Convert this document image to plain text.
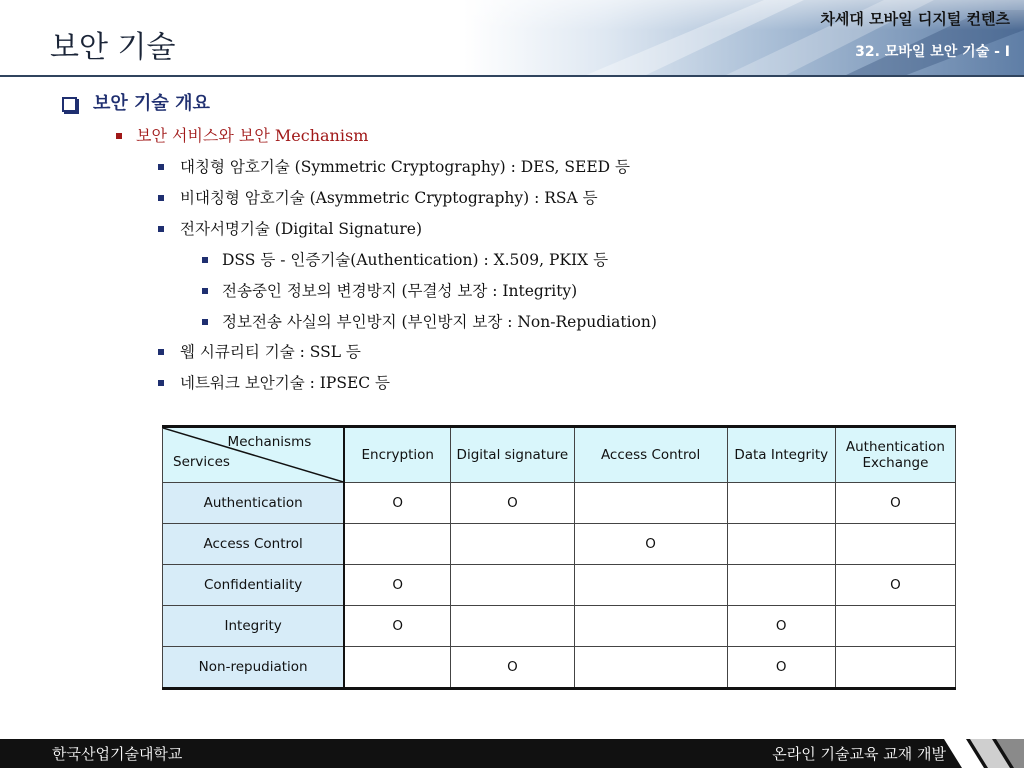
보안 기술
차세대 모바일 디지털 컨텐츠
32. 모바일 보안 기술 - I
보안 기술 개요
보안 서비스와 보안 Mechanism
대칭형 암호기술 (Symmetric Cryptography) : DES, SEED 등
비대칭형 암호기술 (Asymmetric Cryptography) : RSA 등
전자서명기술 (Digital Signature)
DSS 등 - 인증기술(Authentication) : X.509, PKIX 등
전송중인 정보의 변경방지 (무결성 보장 : Integrity)
정보전송 사실의 부인방지 (부인방지 보장 : Non-Repudiation)
웹 시큐리티 기술 : SSL 등
네트워크 보안기술 : IPSEC 등
Mechanisms
Services	Encryption	Digital signature	Access Control	Data Integrity	Authentication Exchange
Authentication	O	O			O
Access Control			O		
Confidentiality	O				O
Integrity	O			O	
Non-repudiation		O		O	
한국산업기술대학교	온라인 기술교육 교재 개발
